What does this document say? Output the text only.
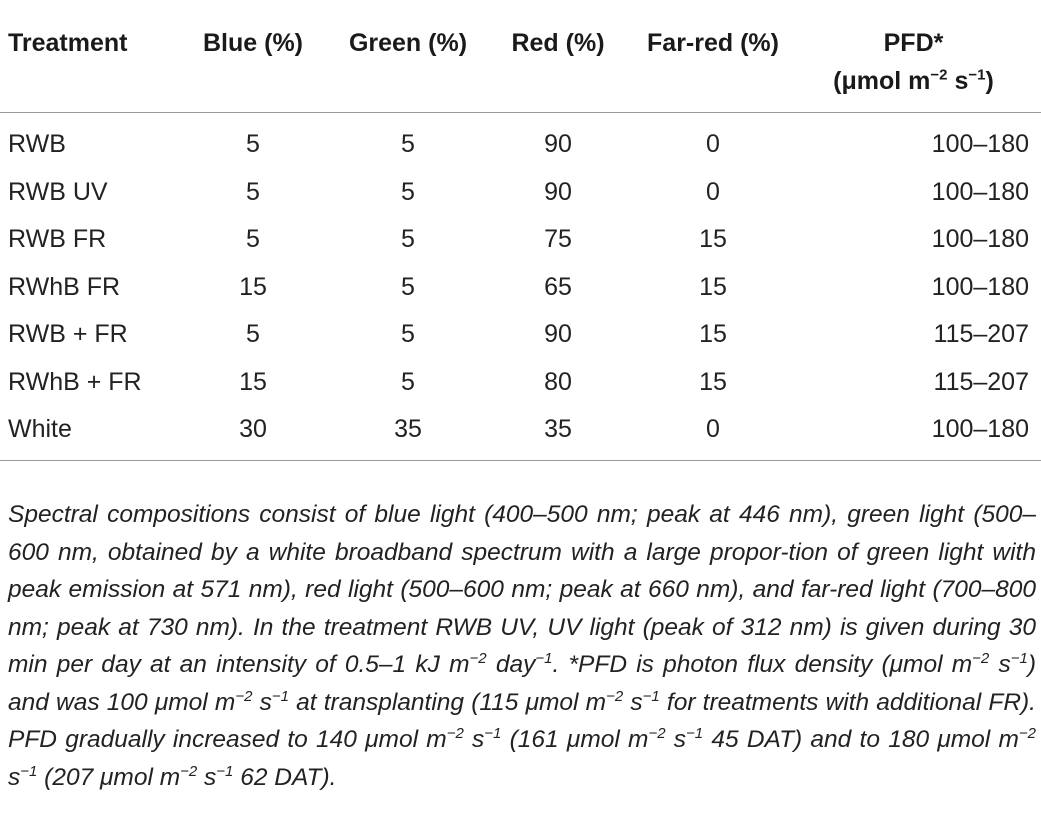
Treatment	Blue (%)	Green (%)	Red (%)	Far-red (%)	PFD*
(μmol $m^{-2}$ $s^{-1}$)
RWB	5	5	90	0	100–180
RWB UV	5	5	90	0	100–180
RWB FR	5	5	75	15	100–180
RWhB FR	15	5	65	15	100–180
RWB + FR	5	5	90	15	115–207
RWhB + FR	15	5	80	15	115–207
White	30	35	35	0	100–180

Spectral compositions consist of blue light (400–500 nm; peak at 446 nm), green light (500–600 nm, obtained by a white broadband spectrum with a large propor-tion of green light with peak emission at 571 nm), red light (500–600 nm; peak at 660 nm), and far-red light (700–800 nm; peak at 730 nm). In the treatment RWB UV, UV light (peak of 312 nm) is given during 30 min per day at an intensity of 0.5–1 kJ $m^{-2}$ day$^{-1}$. *PFD is photon flux density (μmol $m^{-2}$ $s^{-1}$) and was 100 μmol $m^{-2}$ $s^{-1}$ at transplanting (115 μmol $m^{-2}$ $s^{-1}$ for treatments with additional FR). PFD gradually increased to 140 μmol $m^{-2}$ $s^{-1}$ (161 μmol $m^{-2}$ $s^{-1}$ 45 DAT) and to 180 μmol $m^{-2}$ $s^{-1}$ (207 μmol $m^{-2}$ $s^{-1}$ 62 DAT).
